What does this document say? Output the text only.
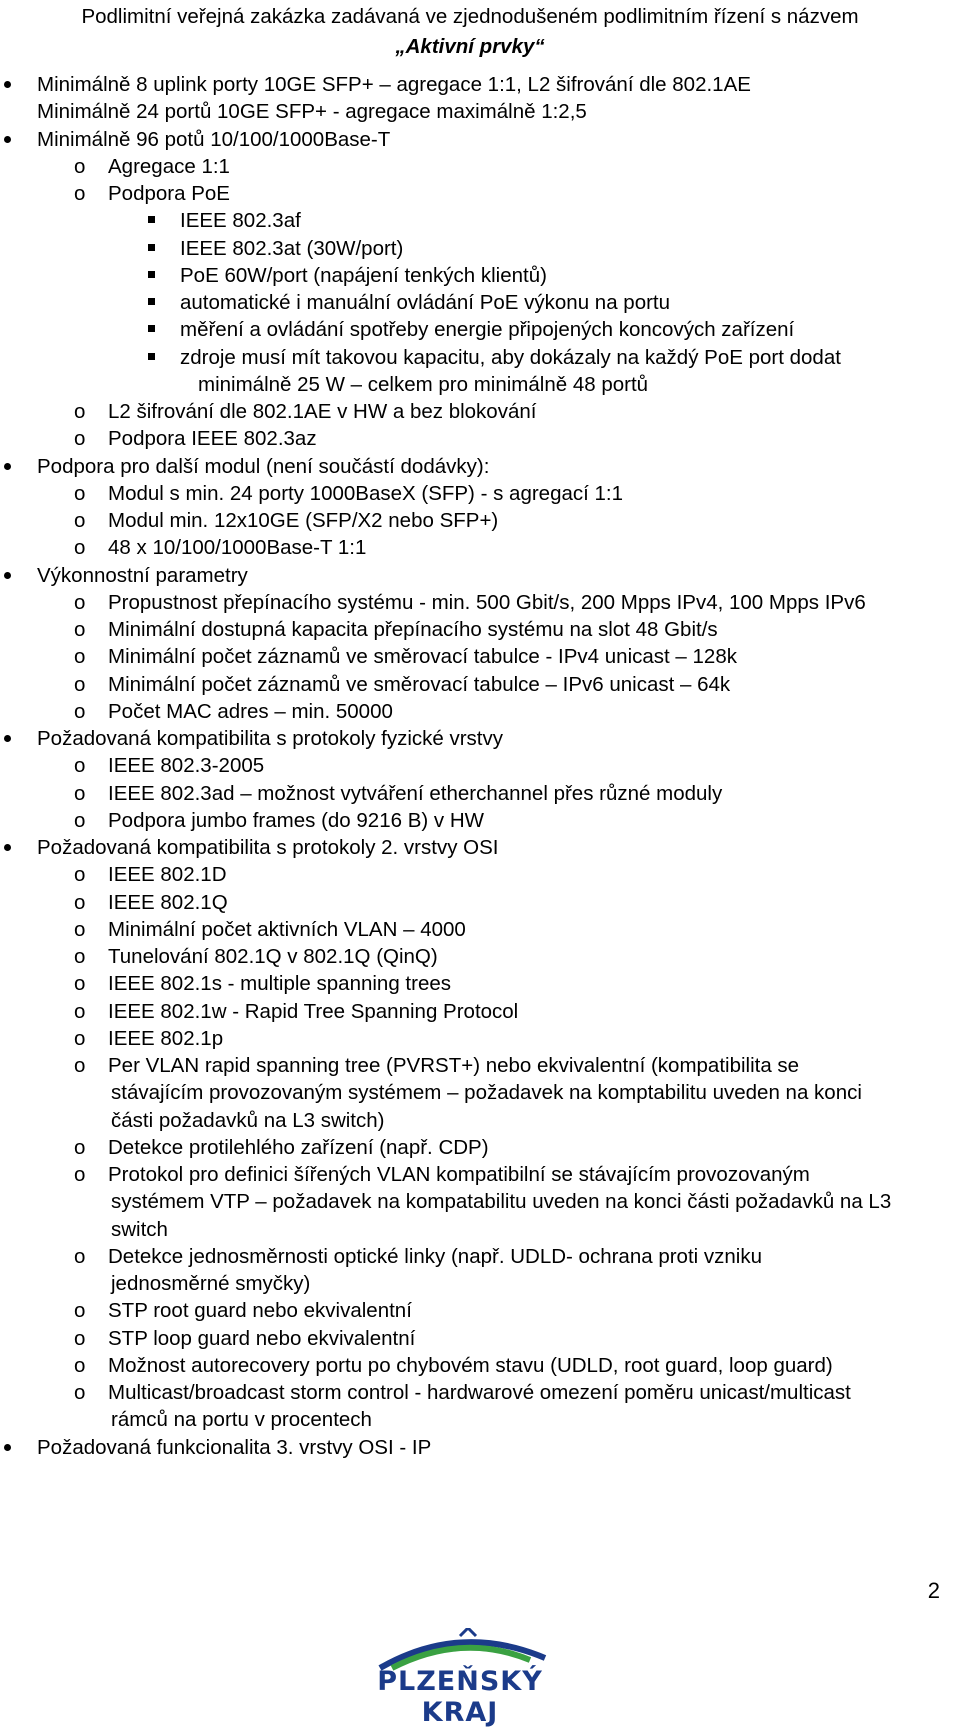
Podlimitní veřejná zakázka zadávaná ve zjednodušeném podlimitním řízení s názvem
„Aktivní prvky“
Minimálně 8 uplink porty 10GE SFP+ – agregace 1:1, L2 šifrování dle 802.1AE
Minimálně 24 portů 10GE SFP+ - agregace maximálně 1:2,5
Minimálně 96 potů 10/100/1000Base-T
o Agregace 1:1
o Podpora PoE
IEEE 802.3af
IEEE 802.3at (30W/port)
PoE 60W/port (napájení tenkých klientů)
automatické i manuální ovládání PoE výkonu na portu
měření a ovládání spotřeby energie připojených koncových zařízení
zdroje musí mít takovou kapacitu, aby dokázaly na každý PoE port dodat
minimálně 25 W – celkem pro minimálně 48 portů
o L2 šifrování dle 802.1AE v HW a bez blokování
o Podpora IEEE 802.3az
Podpora pro další modul (není součástí dodávky):
o Modul s min. 24 porty 1000BaseX (SFP) - s agregací 1:1
o Modul min. 12x10GE (SFP/X2 nebo SFP+)
o 48 x 10/100/1000Base-T 1:1
Výkonnostní parametry
o Propustnost přepínacího systému - min. 500 Gbit/s, 200 Mpps IPv4, 100 Mpps IPv6
o Minimální dostupná kapacita přepínacího systému na slot 48 Gbit/s
o Minimální počet záznamů ve směrovací tabulce - IPv4 unicast – 128k
o Minimální počet záznamů ve směrovací tabulce – IPv6 unicast – 64k
o Počet MAC adres – min. 50000
Požadovaná kompatibilita s protokoly fyzické vrstvy
o IEEE 802.3-2005
o IEEE 802.3ad – možnost vytváření etherchannel přes různé moduly
o Podpora jumbo frames (do 9216 B) v HW
Požadovaná kompatibilita s protokoly 2. vrstvy OSI
o IEEE 802.1D
o IEEE 802.1Q
o Minimální počet aktivních VLAN – 4000
o Tunelování 802.1Q v 802.1Q (QinQ)
o IEEE 802.1s - multiple spanning trees
o IEEE 802.1w - Rapid Tree Spanning Protocol
o IEEE 802.1p
o Per VLAN rapid spanning tree (PVRST+) nebo ekvivalentní (kompatibilita se
stávajícím provozovaným systémem – požadavek na komptabilitu uveden na konci
části požadavků na L3 switch)
o Detekce protilehlého zařízení (např. CDP)
o Protokol pro definici šířených VLAN kompatibilní se stávajícím provozovaným
systémem VTP – požadavek na kompatabilitu uveden na konci části požadavků na L3
switch
o Detekce jednosměrnosti optické linky (např. UDLD- ochrana proti vzniku
jednosměrné smyčky)
o STP root guard nebo ekvivalentní
o STP loop guard nebo ekvivalentní
o Možnost autorecovery portu po chybovém stavu (UDLD, root guard, loop guard)
o Multicast/broadcast storm control - hardwarové omezení poměru unicast/multicast
rámců na portu v procentech
Požadovaná funkcionalita 3. vrstvy OSI - IP
2
PLZEŇSKÝ KRAJ
